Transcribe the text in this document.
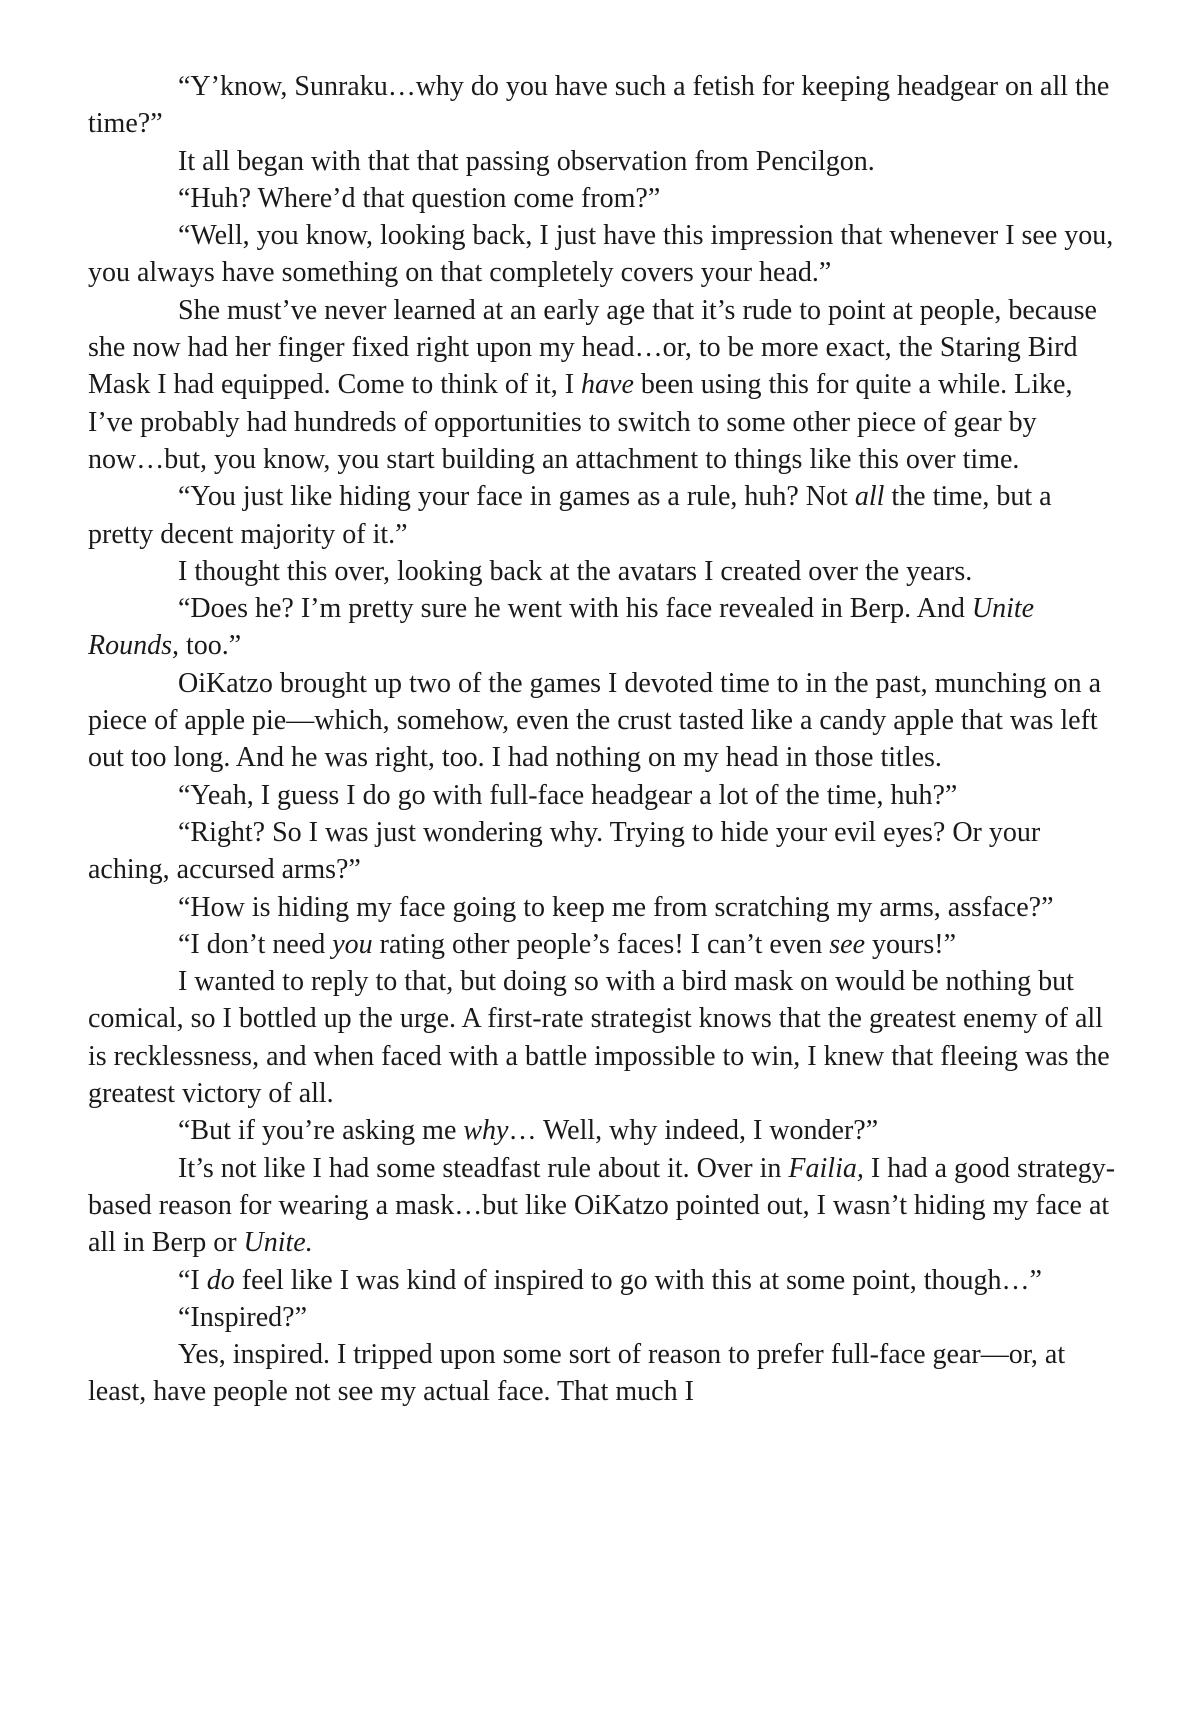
“Y’know, Sunraku…why do you have such a fetish for keeping headgear on all the time?”

It all began with that that passing observation from Pencilgon.

“Huh? Where’d that question come from?”

“Well, you know, looking back, I just have this impression that whenever I see you, you always have something on that completely covers your head.”

She must’ve never learned at an early age that it’s rude to point at people, because she now had her finger fixed right upon my head…or, to be more exact, the Staring Bird Mask I had equipped. Come to think of it, I have been using this for quite a while. Like, I’ve probably had hundreds of opportunities to switch to some other piece of gear by now…but, you know, you start building an attachment to things like this over time.

“You just like hiding your face in games as a rule, huh? Not all the time, but a pretty decent majority of it.”

I thought this over, looking back at the avatars I created over the years.

“Does he? I’m pretty sure he went with his face revealed in Berp. And Unite Rounds, too.”

OiKatzo brought up two of the games I devoted time to in the past, munching on a piece of apple pie—which, somehow, even the crust tasted like a candy apple that was left out too long. And he was right, too. I had nothing on my head in those titles.

“Yeah, I guess I do go with full-face headgear a lot of the time, huh?”

“Right? So I was just wondering why. Trying to hide your evil eyes? Or your aching, accursed arms?”

“How is hiding my face going to keep me from scratching my arms, assface?”

“I don’t need you rating other people’s faces! I can’t even see yours!”

I wanted to reply to that, but doing so with a bird mask on would be nothing but comical, so I bottled up the urge. A first-rate strategist knows that the greatest enemy of all is recklessness, and when faced with a battle impossible to win, I knew that fleeing was the greatest victory of all.

“But if you’re asking me why… Well, why indeed, I wonder?”

It’s not like I had some steadfast rule about it. Over in Failia, I had a good strategy-based reason for wearing a mask…but like OiKatzo pointed out, I wasn’t hiding my face at all in Berp or Unite.

“I do feel like I was kind of inspired to go with this at some point, though…”

“Inspired?”

Yes, inspired. I tripped upon some sort of reason to prefer full-face gear—or, at least, have people not see my actual face. That much I
